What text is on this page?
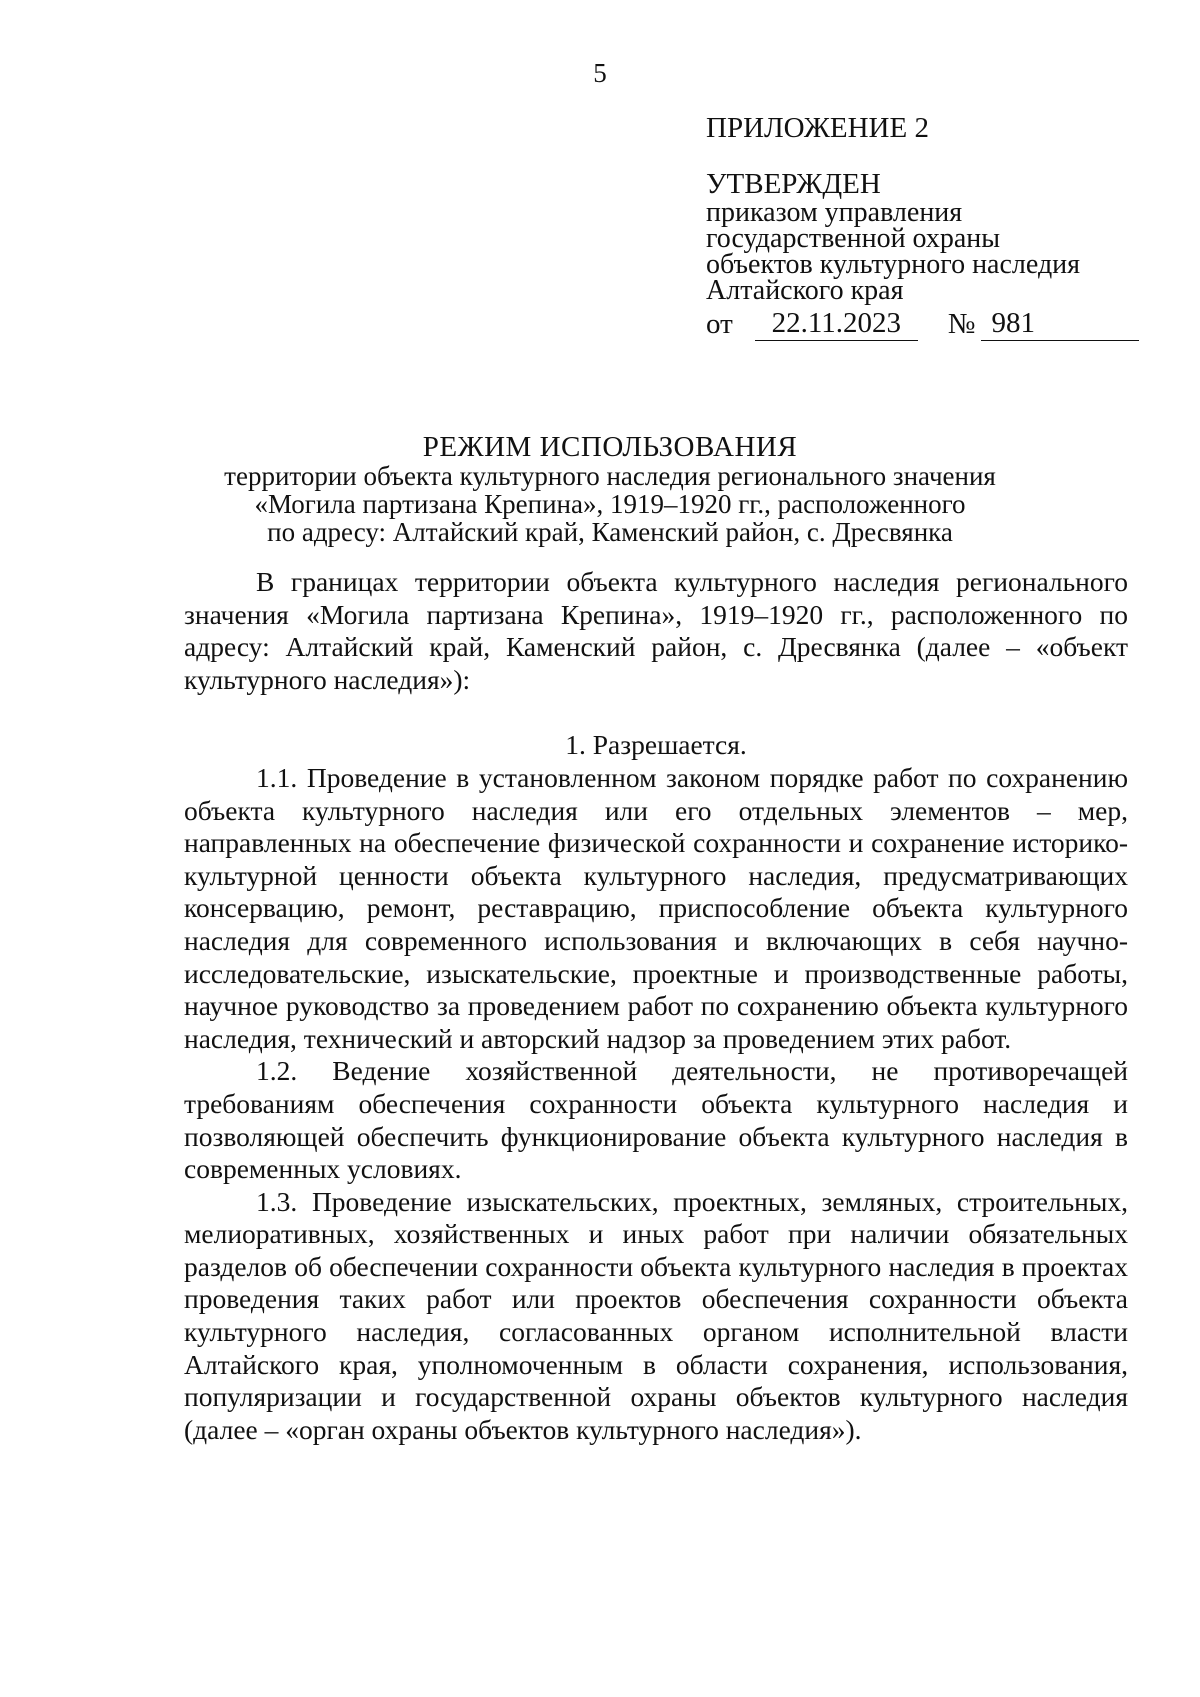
5
ПРИЛОЖЕНИЕ 2
УТВЕРЖДЕН
приказом управления
государственной охраны
объектов культурного наследия
Алтайского края
от	22.11.2023	№ 981
РЕЖИМ ИСПОЛЬЗОВАНИЯ
территории объекта культурного наследия регионального значения
«Могила партизана Крепина», 1919–1920 гг., расположенного
по адресу: Алтайский край, Каменский район, с. Дресвянка

В границах территории объекта культурного наследия регионального значения «Могила партизана Крепина», 1919–1920 гг., расположенного по адресу: Алтайский край, Каменский район, с. Дресвянка (далее – «объект культурного наследия»):

1. Разрешается.

1.1. Проведение в установленном законом порядке работ по сохранению объекта культурного наследия или его отдельных элементов – мер, направленных на обеспечение физической сохранности и сохранение историко-культурной ценности объекта культурного наследия, предусматривающих консервацию, ремонт, реставрацию, приспособление объекта культурного наследия для современного использования и включающих в себя научно-исследовательские, изыскательские, проектные и производственные работы, научное руководство за проведением работ по сохранению объекта культурного наследия, технический и авторский надзор за проведением этих работ.

1.2. Ведение хозяйственной деятельности, не противоречащей требованиям обеспечения сохранности объекта культурного наследия и позволяющей обеспечить функционирование объекта культурного наследия в современных условиях.

1.3. Проведение изыскательских, проектных, земляных, строительных, мелиоративных, хозяйственных и иных работ при наличии обязательных разделов об обеспечении сохранности объекта культурного наследия в проектах проведения таких работ или проектов обеспечения сохранности объекта культурного наследия, согласованных органом исполнительной власти Алтайского края, уполномоченным в области сохранения, использования, популяризации и государственной охраны объектов культурного наследия (далее – «орган охраны объектов культурного наследия»).
